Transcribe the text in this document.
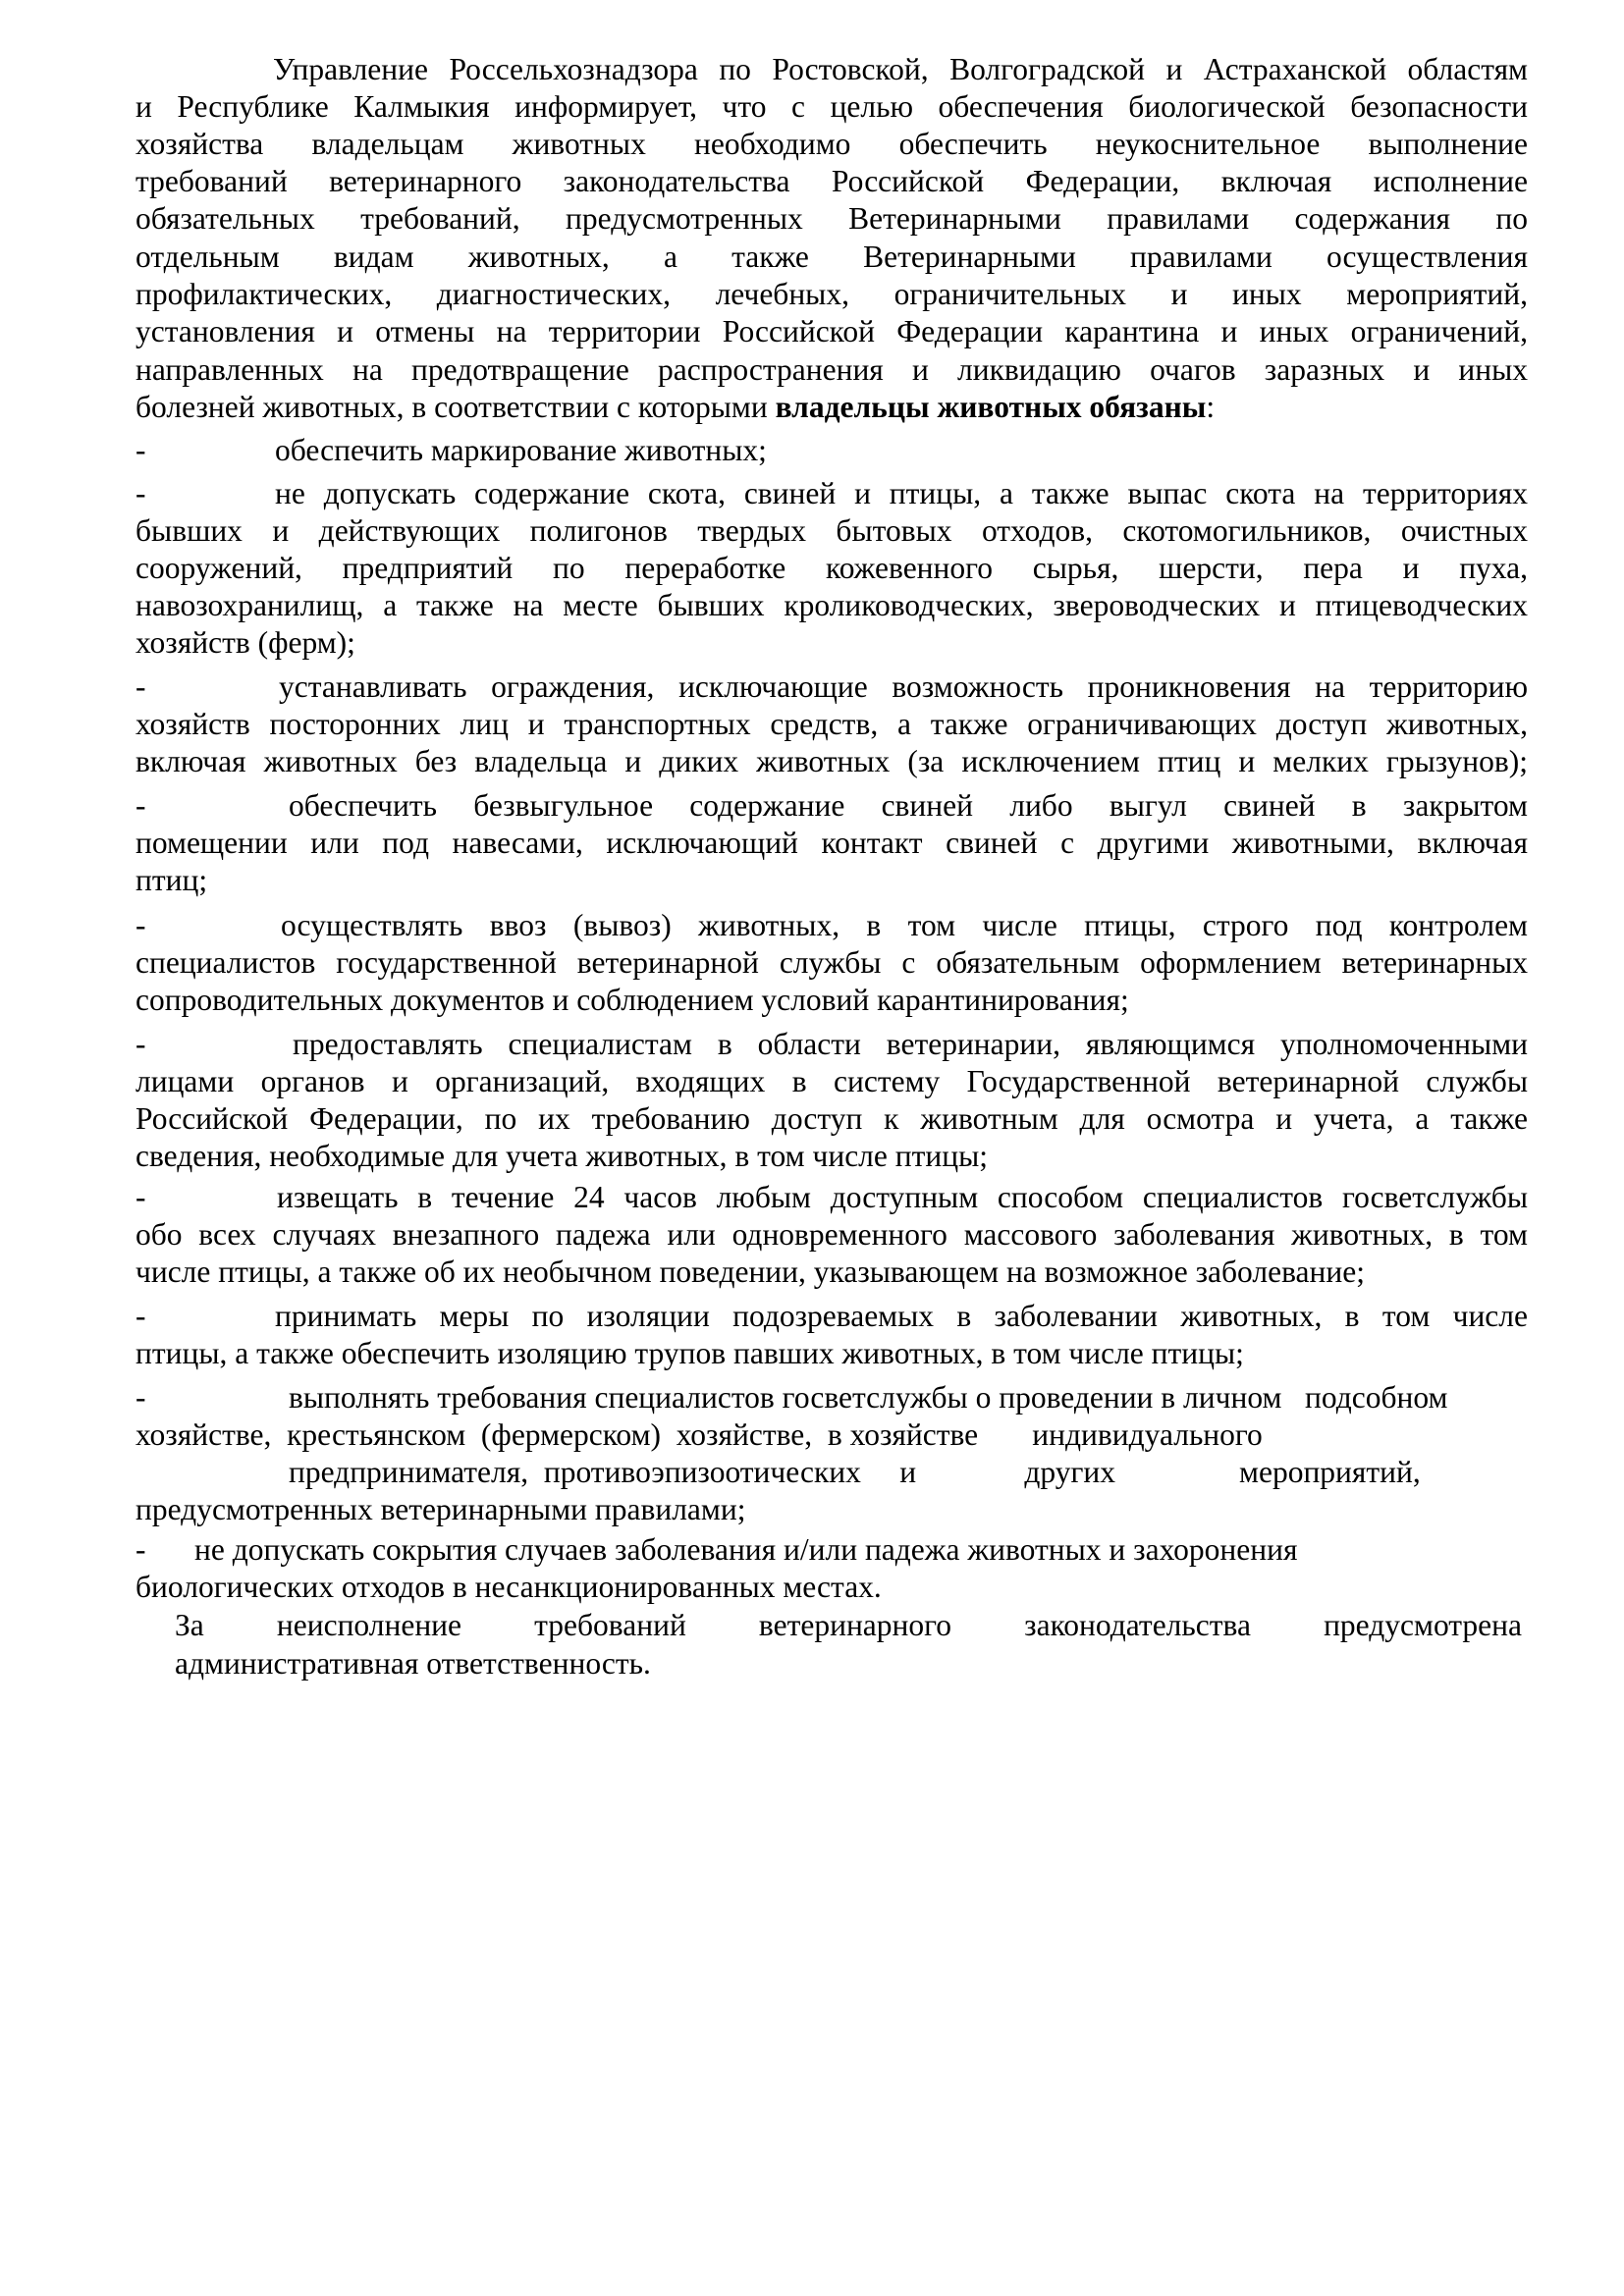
Управление Россельхознадзора по Ростовской, Волгоградской и Астраханской областям
и Республике Калмыкия информирует, что с целью обеспечения биологической безопасности
хозяйства владельцам животных необходимо обеспечить неукоснительное выполнение
требований ветеринарного законодательства Российской Федерации, включая исполнение
обязательных требований, предусмотренных Ветеринарными правилами содержания по
отдельным видам животных, а также Ветеринарными правилами осуществления
профилактических, диагностических, лечебных, ограничительных и иных мероприятий,
установления и отмены на территории Российской Федерации карантина и иных ограничений,
направленных на предотвращение распространения и ликвидацию очагов заразных и иных
болезней животных, в соответствии с которыми владельцы животных обязаны:
-	обеспечить маркирование животных;
-	не допускать содержание скота, свиней и птицы, а также выпас скота на территориях
бывших и действующих полигонов твердых бытовых отходов, скотомогильников, очистных
сооружений, предприятий по переработке кожевенного сырья, шерсти, пера и пуха,
навозохранилищ, а также на месте бывших кролиководческих, звероводческих и птицеводческих
хозяйств (ферм);
-	устанавливать ограждения, исключающие возможность проникновения на территорию
хозяйств посторонних лиц и транспортных средств, а также ограничивающих доступ животных,
включая животных без владельца и диких животных (за исключением птиц и мелких грызунов);
-	обеспечить безвыгульное содержание свиней либо выгул свиней в закрытом
помещении или под навесами, исключающий контакт свиней с другими животными, включая
птиц;
-	осуществлять ввоз (вывоз) животных, в том числе птицы, строго под контролем
специалистов государственной ветеринарной службы с обязательным оформлением ветеринарных
сопроводительных документов и соблюдением условий карантинирования;
-	предоставлять специалистам в области ветеринарии, являющимся уполномоченными
лицами органов и организаций, входящих в систему Государственной ветеринарной службы
Российской Федерации, по их требованию доступ к животным для осмотра и учета, а также
сведения, необходимые для учета животных, в том числе птицы;
-	извещать в течение 24 часов любым доступным способом специалистов госветслужбы
обо всех случаях внезапного падежа или одновременного массового заболевания животных, в том
числе птицы, а также об их необычном поведении, указывающем на возможное заболевание;
-	принимать меры по изоляции подозреваемых в заболевании животных, в том числе
птицы, а также обеспечить изоляцию трупов павших животных, в том числе птицы;
-	выполнять требования специалистов госветслужбы о проведении в личном   подсобном
хозяйстве,  крестьянском  (фермерском)  хозяйстве,  в хозяйстве       индивидуального
предпринимателя,  противоэпизоотических     и              других                мероприятий,
предусмотренных ветеринарными правилами;
-	не допускать сокрытия случаев заболевания и/или падежа животных и захоронения
биологических отходов в несанкционированных местах.
За неисполнение требований ветеринарного законодательства предусмотрена
административная ответственность.
